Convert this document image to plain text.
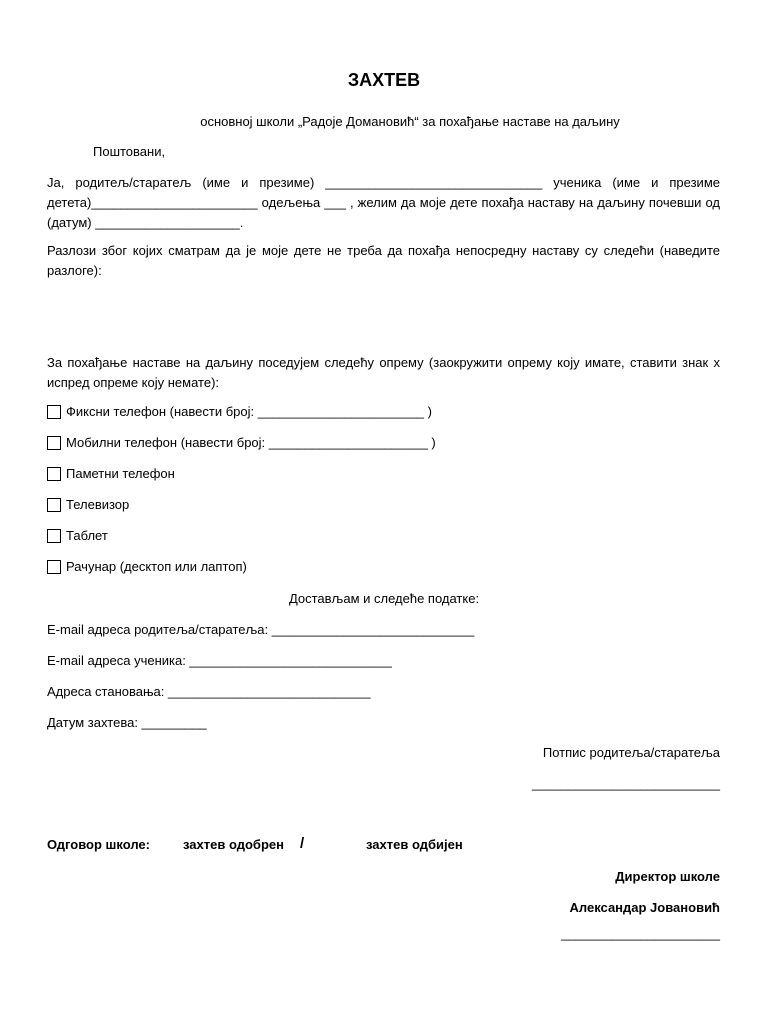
ЗАХТЕВ
основној школи „Радоје Домановић“ за похађање наставе на даљину
Поштовани,
Ја, родитељ/старатељ (име и презиме) ______________________________ ученика (име и презиме детета)_______________________ одељења ___ , желим да моје дете похађа наставу на даљину почевши од (датум) ____________________.
Разлози због којих сматрам да је моје дете не треба да похађа непосредну наставу су следећи (наведите разлоге):
За похађање наставе на даљину поседујем следећу опрему (заокружити опрему коју имате, ставити знак х испред опреме коју немате):
Фиксни телефон (навести број: _______________________ )
Мобилни телефон (навести број: ______________________ )
Паметни телефон
Телевизор
Таблет
Рачунар (десктоп или лаптоп)
Достављам и следеће податке:
E-mail адреса родитеља/старатеља: ____________________________
E-mail адреса ученика: ____________________________
Адреса становања: ____________________________
Датум захтева: _________
Потпис родитеља/старатеља
__________________________
Одговор школе:	захтев одобрен /	захтев одбијен
Директор школе
Александар Јовановић
______________________
